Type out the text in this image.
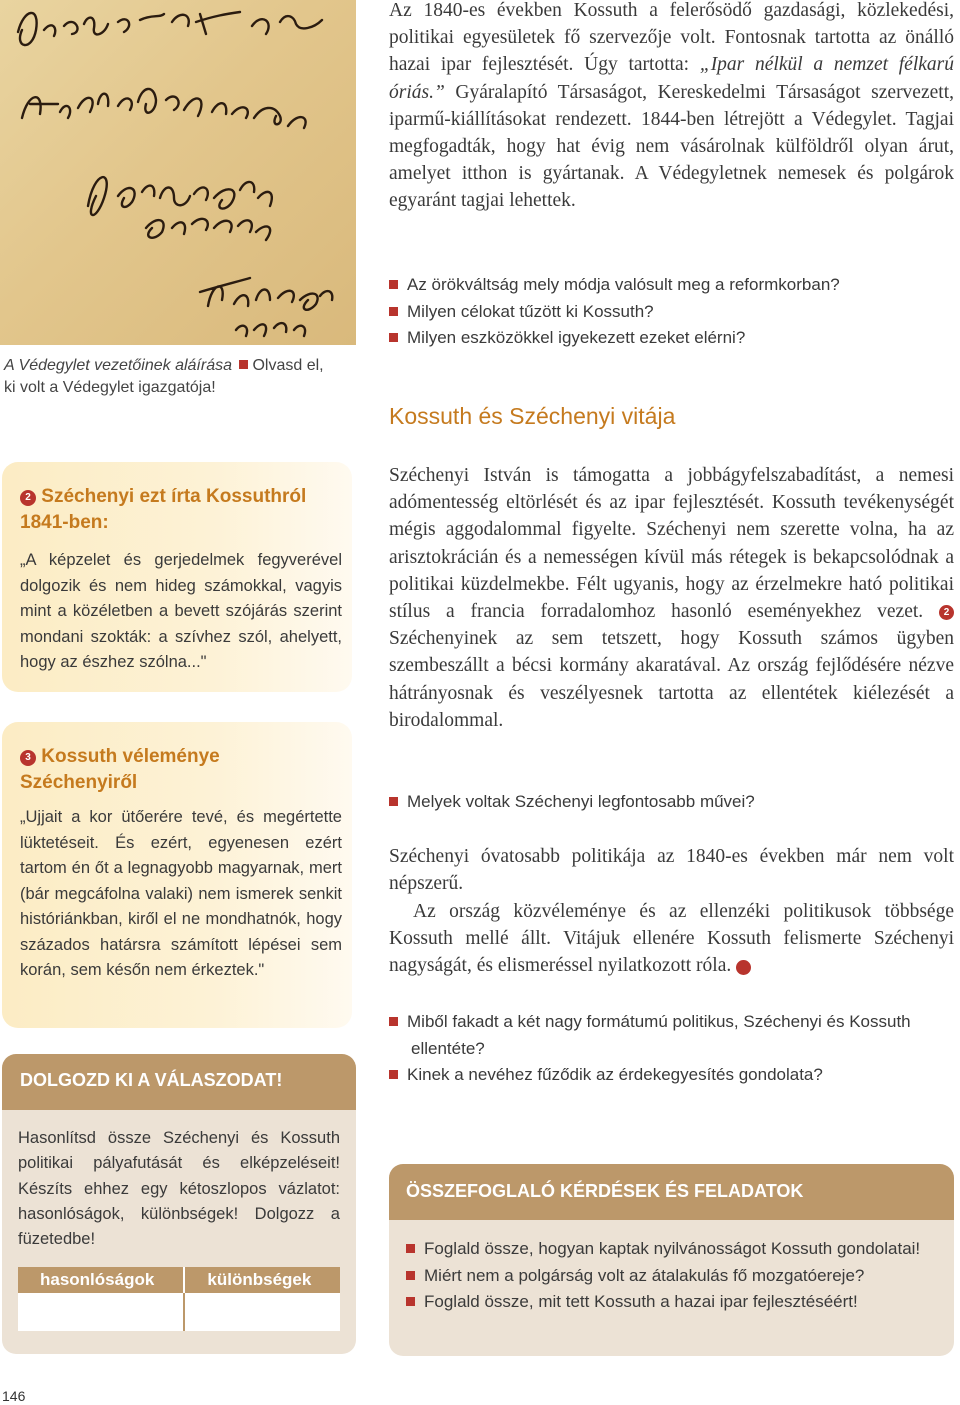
A Védegylet vezetőinek aláírása Olvasd el, ki volt a Védegylet igazgatója!
Az 1840-es években Kossuth a felerősödő gazdasági, közlekedési, politikai egyesületek fő szervezője volt. Fontosnak tartotta az önálló hazai ipar fejlesztését. Úgy tartotta: „Ipar nélkül a nemzet félkarú óriás.” Gyáralapító Társaságot, Kereskedelmi Társaságot szervezett, iparmű-kiállításokat rendezett. 1844-ben létrejött a Védegylet. Tagjai megfogadták, hogy hat évig nem vásárolnak külföldről olyan árut, amelyet itthon is gyártanak. A Védegyletnek nemesek és polgárok egyaránt tagjai lehettek.
Az örökváltság mely módja valósult meg a reformkorban?
Milyen célokat tűzött ki Kossuth?
Milyen eszközökkel igyekezett ezeket elérni?
Kossuth és Széchenyi vitája
Széchenyi István is támogatta a jobbágyfelszabadítást, a nemesi adómentesség eltörlését és az ipar fejlesztését. Kossuth tevékenységét mégis aggodalommal figyelte. Széchenyi nem szerette volna, ha az arisztokrácián és a nemességen kívül más rétegek is bekapcsolódnak a politikai küzdelmekbe. Félt ugyanis, hogy az érzelmekre ható politikai stílus a francia forradalomhoz hasonló eseményekhez vezet. 2 Széchenyinek az sem tetszett, hogy Kossuth számos ügyben szembeszállt a bécsi kormány akaratával. Az ország fejlődésére nézve hátrányosnak és veszélyesnek tartotta az ellentétek kiélezését a birodalommal.
Melyek voltak Széchenyi legfontosabb művei?
Széchenyi óvatosabb politikája az 1840-es években már nem volt népszerű.
Az ország közvéleménye és az ellenzéki politikusok többsége Kossuth mellé állt. Vitájuk ellenére Kossuth felismerte Széchenyi nagyságát, és elismeréssel nyilatkozott róla. 3
Miből fakadt a két nagy formátumú politikus, Széchenyi és Kossuth ellentéte?
Kinek a nevéhez fűződik az érdekegyesítés gondolata?
2 Széchenyi ezt írta Kossuthról 1841-ben:
„A képzelet és gerjedelmek fegyverével dolgozik és nem hideg számokkal, vagyis mint a közéletben a bevett szójárás szerint mondani szokták: a szívhez szól, ahelyett, hogy az észhez szólna..."
3 Kossuth véleménye Széchenyiről
„Ujjait a kor ütőerére tevé, és megértette lüktetéseit. És ezért, egyenesen ezért tartom én őt a legnagyobb magyarnak, mert (bár megcáfolna valaki) nem ismerek senkit históriánkban, kiről el ne mondhatnók, hogy százados határsra számított lépései sem korán, sem későn nem érkeztek."
DOLGOZD KI A VÁLASZODAT!
Hasonlítsd össze Széchenyi és Kossuth politikai pályafutását és elképzeléseit! Készíts ehhez egy kétoszlopos vázlatot: hasonlóságok, különbségek! Dolgozz a füzetedbe!
hasonlóságok	különbségek

ÖSSZEFOGLALÓ KÉRDÉSEK ÉS FELADATOK
Foglald össze, hogyan kaptak nyilvánosságot Kossuth gondolatai!
Miért nem a polgárság volt az átalakulás fő mozgatóereje?
Foglald össze, mit tett Kossuth a hazai ipar fejlesztéséért!
146
